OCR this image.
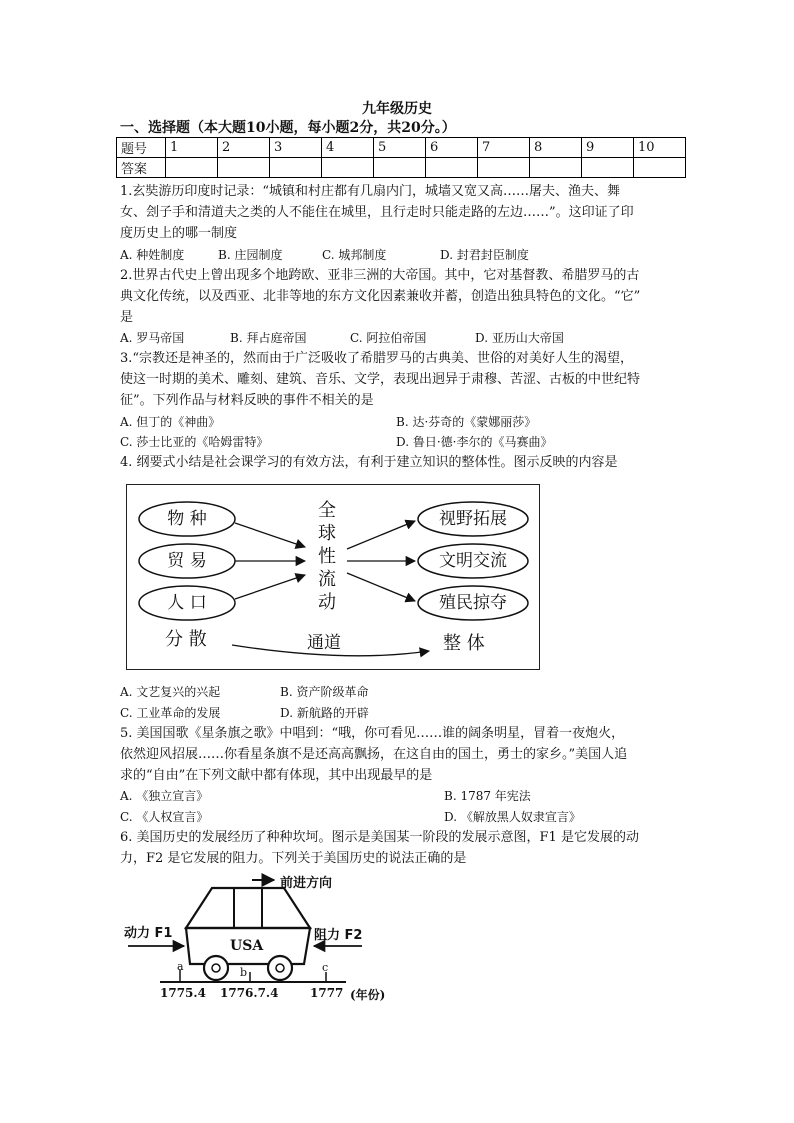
九年级历史
一、选择题（本大题10小题，每小题2分，共20分。）
题号	1	2	3	4	5	6	7	8	9	10
答案										
1.玄奘游历印度时记录：“城镇和村庄都有几扇内门，城墙又宽又高……屠夫、渔夫、舞
女、刽子手和清道夫之类的人不能住在城里，且行走时只能走路的左边……”。这印证了印
度历史上的哪一制度
A. 种姓制度	B. 庄园制度	C. 城邦制度	D. 封君封臣制度
2.世界古代史上曾出现多个地跨欧、亚非三洲的大帝国。其中，它对基督教、希腊罗马的古
典文化传统，以及西亚、北非等地的东方文化因素兼收并蓄，创造出独具特色的文化。“它”
是
A. 罗马帝国	B. 拜占庭帝国	C. 阿拉伯帝国	D. 亚历山大帝国
3.“宗教还是神圣的，然而由于广泛吸收了希腊罗马的古典美、世俗的对美好人生的渴望，
使这一时期的美术、雕刻、建筑、音乐、文学，表现出迥异于肃穆、苦涩、古板的中世纪特
征”。下列作品与材料反映的事件不相关的是
A. 但丁的《神曲》	B. 达·芬奇的《蒙娜丽莎》
C. 莎士比亚的《哈姆雷特》	D. 鲁日·德·李尔的《马赛曲》
4. 纲要式小结是社会课学习的有效方法，有利于建立知识的整体性。图示反映的内容是
物 种
贸 易
人 口
全
球
性
流
动
视野拓展
文明交流
殖民掠夺
分 散	通道	整 体
A. 文艺复兴的兴起	B. 资产阶级革命
C. 工业革命的发展	D. 新航路的开辟
5. 美国国歌《星条旗之歌》中唱到：“哦，你可看见……谁的阔条明星，冒着一夜炮火，
依然迎风招展……你看星条旗不是还高高飘扬，在这自由的国土，勇士的家乡。”美国人追
求的“自由”在下列文献中都有体现，其中出现最早的是
A. 《独立宣言》	B. 1787 年宪法
C. 《人权宣言》	D. 《解放黑人奴隶宣言》
6. 美国历史的发展经历了种种坎坷。图示是美国某一阶段的发展示意图，F1 是它发展的动
力，F2 是它发展的阻力。下列关于美国历史的说法正确的是
前进方向
动力 F1	阻力 F2
USA
a	b	c
1775.4 1776.7.4	1777 (年份)
